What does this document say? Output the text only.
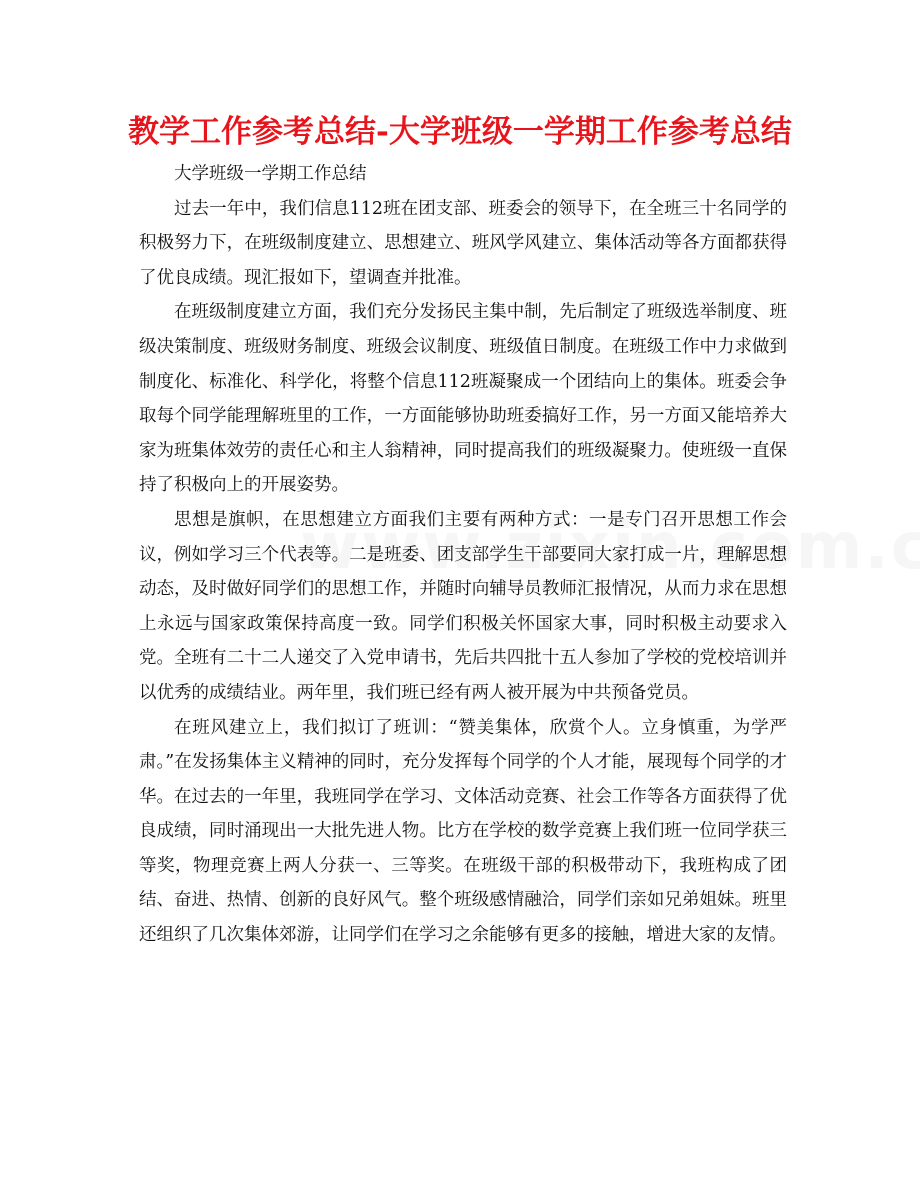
教学工作参考总结-大学班级一学期工作参考总结

大学班级一学期工作总结

过去一年中，我们信息112班在团支部、班委会的领导下，在全班三十名同学的积极努力下，在班级制度建立、思想建立、班风学风建立、集体活动等各方面都获得了优良成绩。现汇报如下，望调查并批准。

在班级制度建立方面，我们充分发扬民主集中制，先后制定了班级选举制度、班级决策制度、班级财务制度、班级会议制度、班级值日制度。在班级工作中力求做到制度化、标准化、科学化，将整个信息112班凝聚成一个团结向上的集体。班委会争取每个同学能理解班里的工作，一方面能够协助班委搞好工作，另一方面又能培养大家为班集体效劳的责任心和主人翁精神，同时提高我们的班级凝聚力。使班级一直保持了积极向上的开展姿势。

思想是旗帜，在思想建立方面我们主要有两种方式：一是专门召开思想工作会议，例如学习三个代表等。二是班委、团支部学生干部要同大家打成一片，理解思想动态，及时做好同学们的思想工作，并随时向辅导员教师汇报情况，从而力求在思想上永远与国家政策保持高度一致。同学们积极关怀国家大事，同时积极主动要求入党。全班有二十二人递交了入党申请书，先后共四批十五人参加了学校的党校培训并以优秀的成绩结业。两年里，我们班已经有两人被开展为中共预备党员。

在班风建立上，我们拟订了班训：“赞美集体，欣赏个人。立身慎重，为学严肃。”在发扬集体主义精神的同时，充分发挥每个同学的个人才能，展现每个同学的才华。在过去的一年里，我班同学在学习、文体活动竞赛、社会工作等各方面获得了优良成绩，同时涌现出一大批先进人物。比方在学校的数学竞赛上我们班一位同学获三等奖，物理竞赛上两人分获一、三等奖。在班级干部的积极带动下，我班构成了团结、奋进、热情、创新的良好风气。整个班级感情融洽，同学们亲如兄弟姐妹。班里还组织了几次集体郊游，让同学们在学习之余能够有更多的接触，增进大家的友情。
